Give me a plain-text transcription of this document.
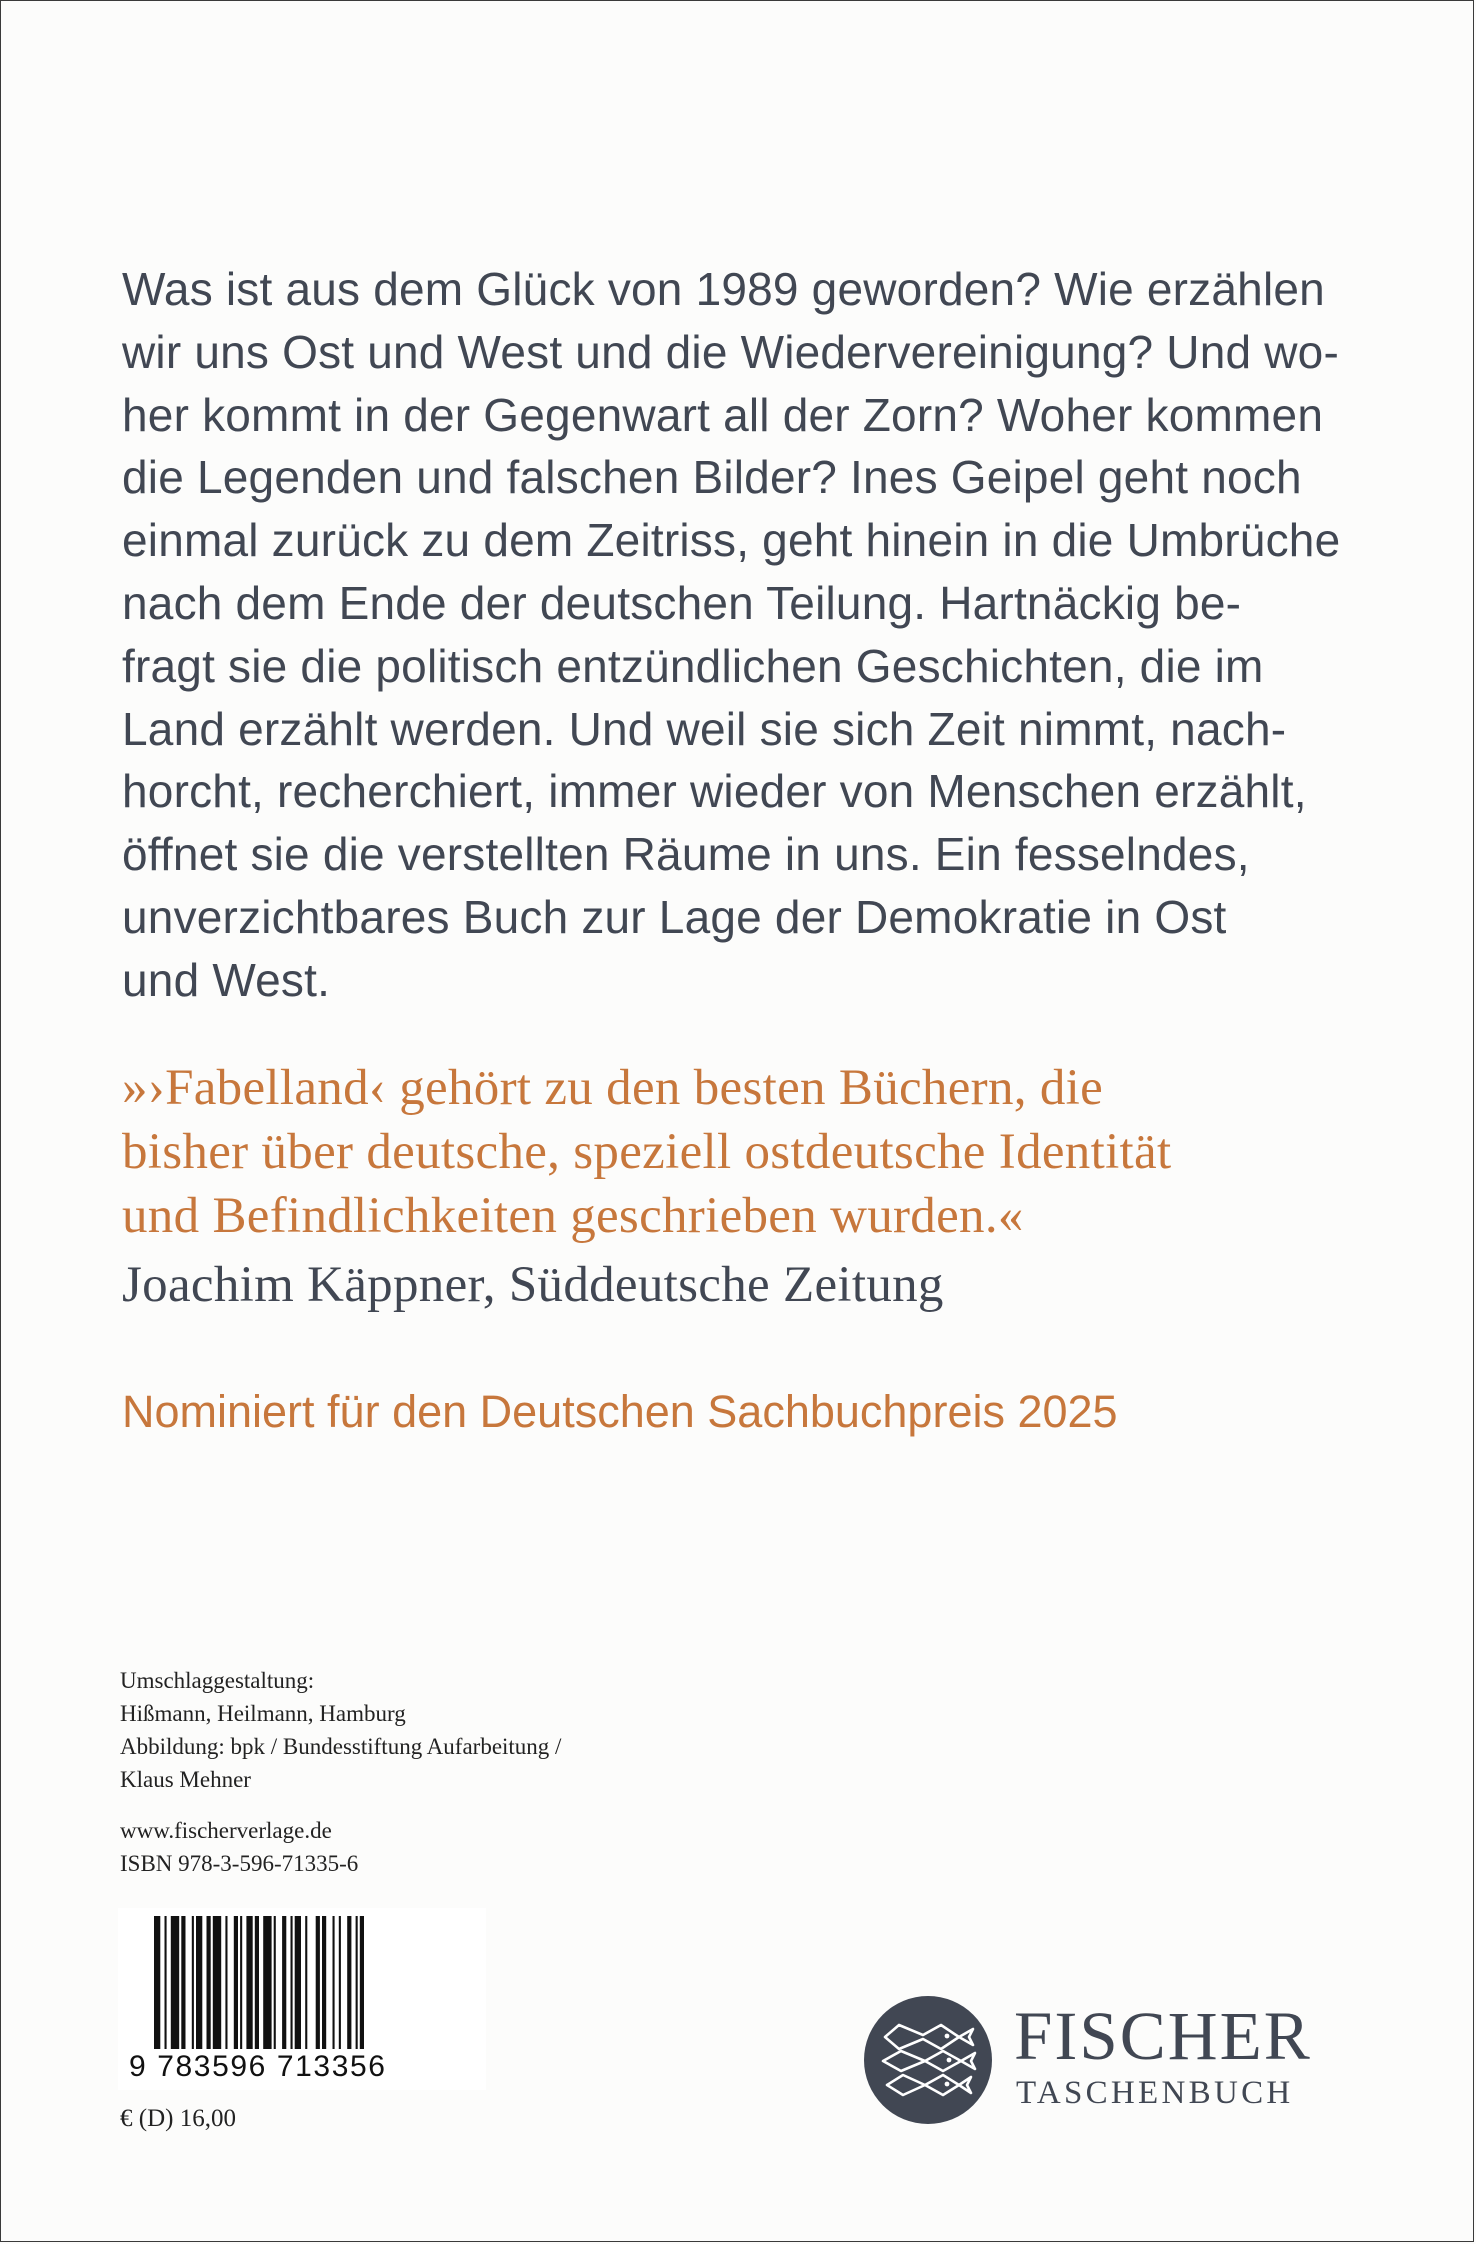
Was ist aus dem Glück von 1989 geworden? Wie erzählen
wir uns Ost und West und die Wiedervereinigung? Und wo-
her kommt in der Gegenwart all der Zorn? Woher kommen
die Legenden und falschen Bilder? Ines Geipel geht noch
einmal zurück zu dem Zeitriss, geht hinein in die Umbrüche
nach dem Ende der deutschen Teilung. Hartnäckig be-
fragt sie die politisch entzündlichen Geschichten, die im
Land erzählt werden. Und weil sie sich Zeit nimmt, nach-
horcht, recherchiert, immer wieder von Menschen erzählt,
öffnet sie die verstellten Räume in uns. Ein fesselndes,
unverzichtbares Buch zur Lage der Demokratie in Ost
und West.
»›Fabelland‹ gehört zu den besten Büchern, die
bisher über deutsche, speziell ostdeutsche Identität
und Befindlichkeiten geschrieben wurden.«
Joachim Käppner, Süddeutsche Zeitung
Nominiert für den Deutschen Sachbuchpreis 2025
Umschlaggestaltung:
Hißmann, Heilmann, Hamburg
Abbildung: bpk / Bundesstiftung Aufarbeitung /
Klaus Mehner
www.fischerverlage.de
ISBN 978-3-596-71335-6
9 783596 713356
€ (D) 16,00
FISCHER
TASCHENBUCH
